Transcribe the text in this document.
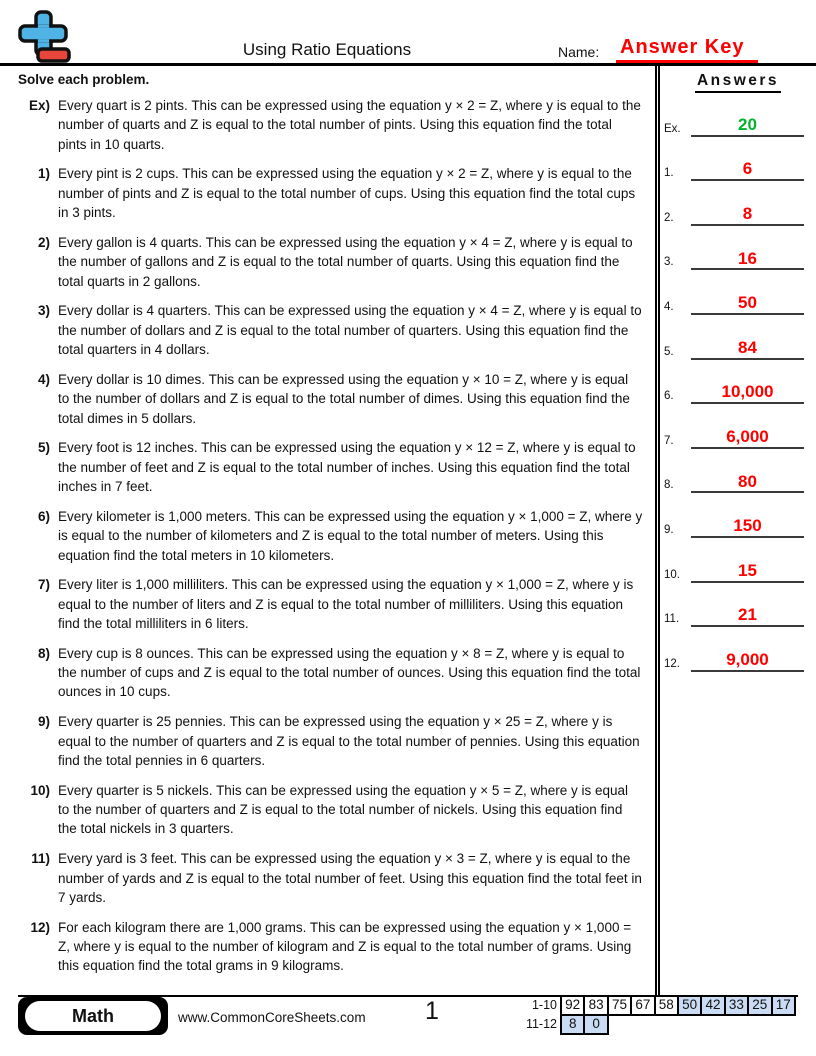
Using Ratio Equations	Name: Answer Key
Solve each problem.
Ex) Every quart is 2 pints. This can be expressed using the equation y × 2 = Z, where y is equal to the number of quarts and Z is equal to the total number of pints. Using this equation find the total pints in 10 quarts.
1) Every pint is 2 cups. This can be expressed using the equation y × 2 = Z, where y is equal to the number of pints and Z is equal to the total number of cups. Using this equation find the total cups in 3 pints.
2) Every gallon is 4 quarts. This can be expressed using the equation y × 4 = Z, where y is equal to the number of gallons and Z is equal to the total number of quarts. Using this equation find the total quarts in 2 gallons.
3) Every dollar is 4 quarters. This can be expressed using the equation y × 4 = Z, where y is equal to the number of dollars and Z is equal to the total number of quarters. Using this equation find the total quarters in 4 dollars.
4) Every dollar is 10 dimes. This can be expressed using the equation y × 10 = Z, where y is equal to the number of dollars and Z is equal to the total number of dimes. Using this equation find the total dimes in 5 dollars.
5) Every foot is 12 inches. This can be expressed using the equation y × 12 = Z, where y is equal to the number of feet and Z is equal to the total number of inches. Using this equation find the total inches in 7 feet.
6) Every kilometer is 1,000 meters. This can be expressed using the equation y × 1,000 = Z, where y is equal to the number of kilometers and Z is equal to the total number of meters. Using this equation find the total meters in 10 kilometers.
7) Every liter is 1,000 milliliters. This can be expressed using the equation y × 1,000 = Z, where y is equal to the number of liters and Z is equal to the total number of milliliters. Using this equation find the total milliliters in 6 liters.
8) Every cup is 8 ounces. This can be expressed using the equation y × 8 = Z, where y is equal to the number of cups and Z is equal to the total number of ounces. Using this equation find the total ounces in 10 cups.
9) Every quarter is 25 pennies. This can be expressed using the equation y × 25 = Z, where y is equal to the number of quarters and Z is equal to the total number of pennies. Using this equation find the total pennies in 6 quarters.
10) Every quarter is 5 nickels. This can be expressed using the equation y × 5 = Z, where y is equal to the number of quarters and Z is equal to the total number of nickels. Using this equation find the total nickels in 3 quarters.
11) Every yard is 3 feet. This can be expressed using the equation y × 3 = Z, where y is equal to the number of yards and Z is equal to the total number of feet. Using this equation find the total feet in 7 yards.
12) For each kilogram there are 1,000 grams. This can be expressed using the equation y × 1,000 = Z, where y is equal to the number of kilogram and Z is equal to the total number of grams. Using this equation find the total grams in 9 kilograms.
Answers
Ex.	20
1.	6
2.	8
3.	16
4.	50
5.	84
6.	10,000
7.	6,000
8.	80
9.	150
10.	15
11.	21
12.	9,000
Math	www.CommonCoreSheets.com 1	1-10 92 83 75 67 58 50 42 33 25 17
11-12 8	0
